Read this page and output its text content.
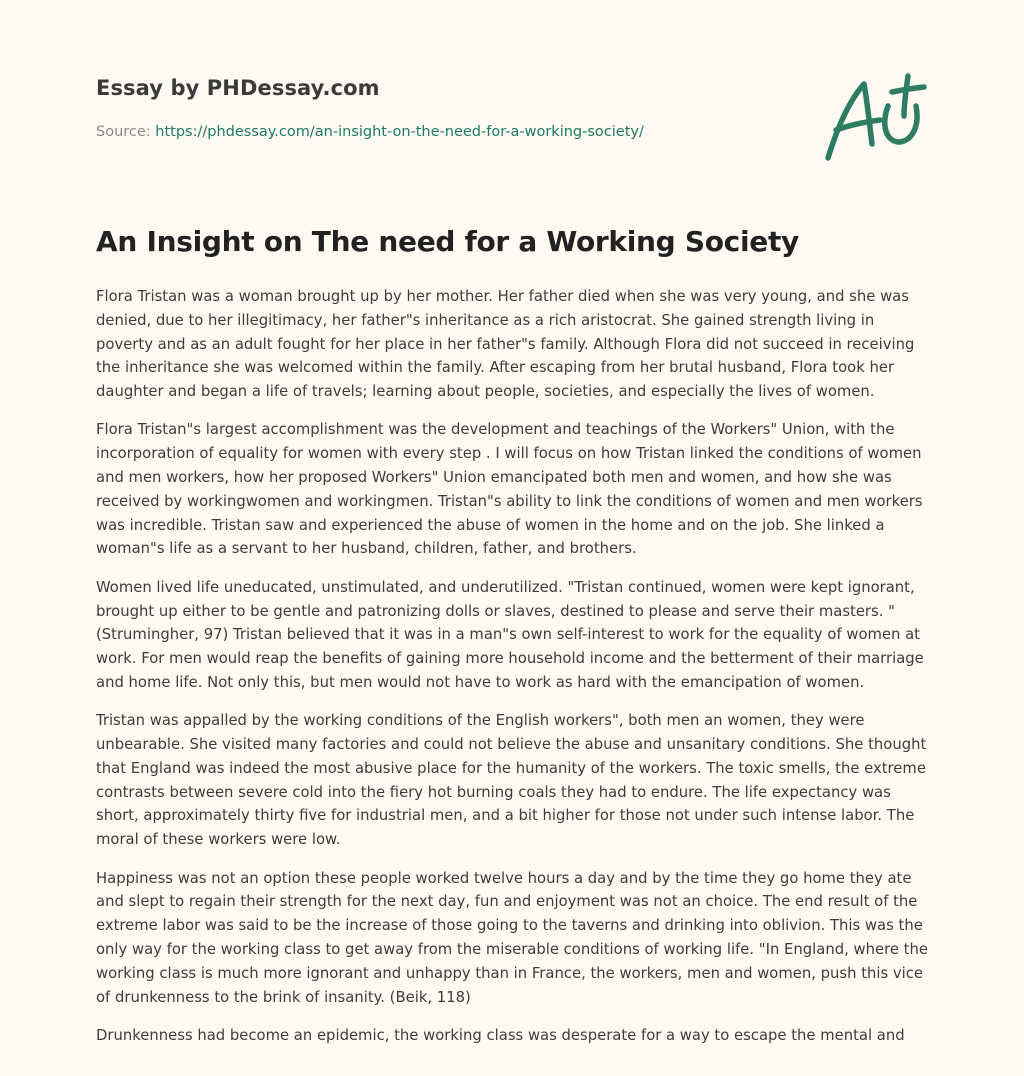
Essay by PHDessay.com
Source: https://phdessay.com/an-insight-on-the-need-for-a-working-society/
An Insight on The need for a Working Society

Flora Tristan was a woman brought up by her mother. Her father died when she was very young, and she was denied, due to her illegitimacy, her father"s inheritance as a rich aristocrat. She gained strength living in poverty and as an adult fought for her place in her father"s family. Although Flora did not succeed in receiving the inheritance she was welcomed within the family. After escaping from her brutal husband, Flora took her daughter and began a life of travels; learning about people, societies, and especially the lives of women.

Flora Tristan"s largest accomplishment was the development and teachings of the Workers" Union, with the incorporation of equality for women with every step . I will focus on how Tristan linked the conditions of women and men workers, how her proposed Workers" Union emancipated both men and women, and how she was received by workingwomen and workingmen. Tristan"s ability to link the conditions of women and men workers was incredible. Tristan saw and experienced the abuse of women in the home and on the job. She linked a woman"s life as a servant to her husband, children, father, and brothers.

Women lived life uneducated, unstimulated, and underutilized. "Tristan continued, women were kept ignorant, brought up either to be gentle and patronizing dolls or slaves, destined to please and serve their masters. " (Strumingher, 97) Tristan believed that it was in a man"s own self-interest to work for the equality of women at work. For men would reap the benefits of gaining more household income and the betterment of their marriage and home life. Not only this, but men would not have to work as hard with the emancipation of women.

Tristan was appalled by the working conditions of the English workers", both men an women, they were unbearable. She visited many factories and could not believe the abuse and unsanitary conditions. She thought that England was indeed the most abusive place for the humanity of the workers. The toxic smells, the extreme contrasts between severe cold into the fiery hot burning coals they had to endure. The life expectancy was short, approximately thirty five for industrial men, and a bit higher for those not under such intense labor. The moral of these workers were low.

Happiness was not an option these people worked twelve hours a day and by the time they go home they ate and slept to regain their strength for the next day, fun and enjoyment was not an choice. The end result of the extreme labor was said to be the increase of those going to the taverns and drinking into oblivion. This was the only way for the working class to get away from the miserable conditions of working life. "In England, where the working class is much more ignorant and unhappy than in France, the workers, men and women, push this vice of drunkenness to the brink of insanity. (Beik, 118)

Drunkenness had become an epidemic, the working class was desperate for a way to escape the mental and
